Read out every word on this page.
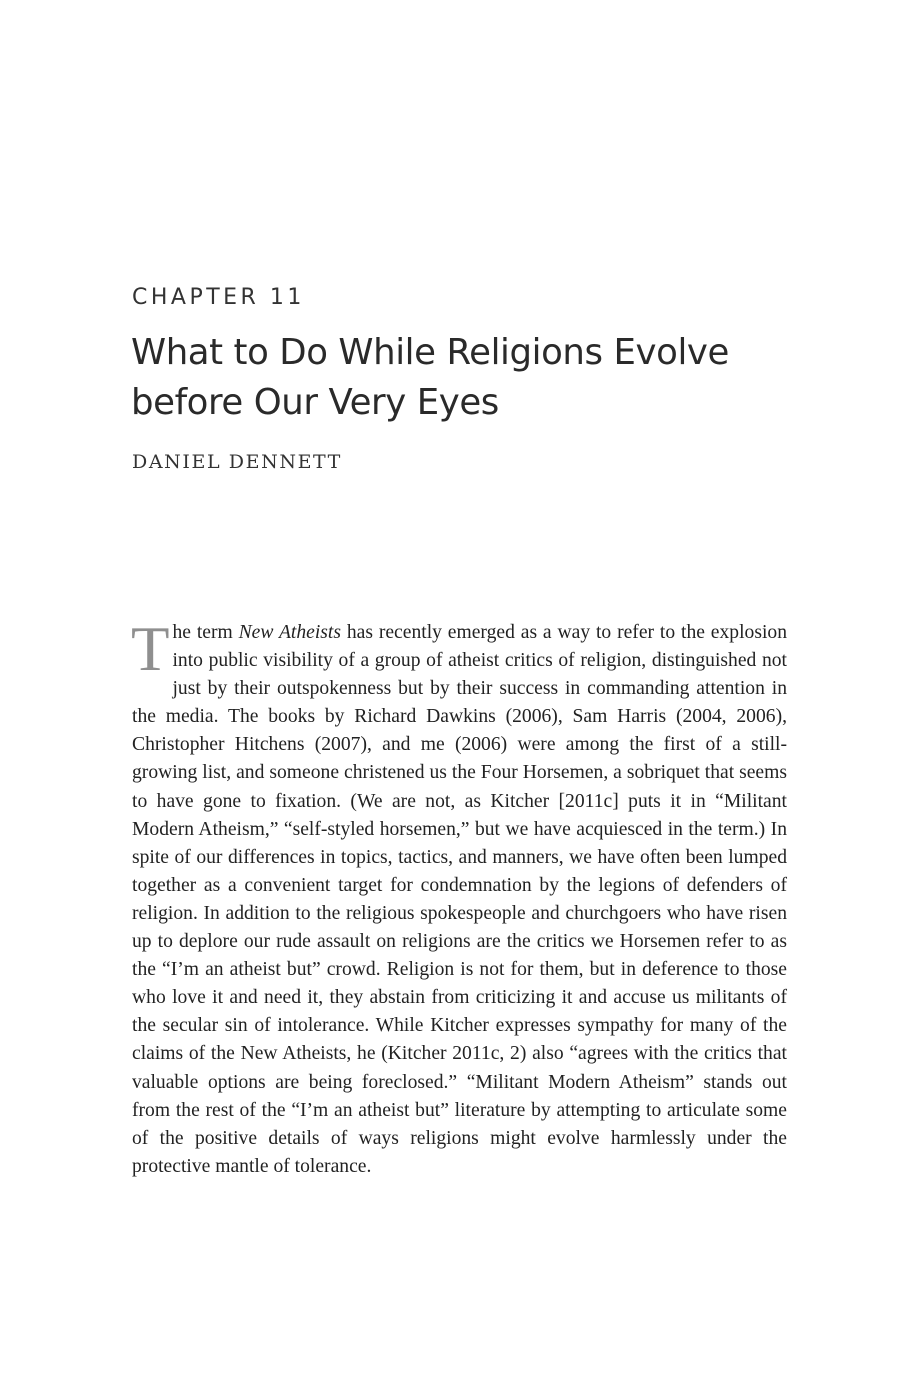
CHAPTER 11
What to Do While Religions Evolve
before Our Very Eyes

DANIEL DENNETT

The term New Atheists has recently emerged as a way to refer to the explosion into public visibility of a group of atheist critics of religion, distinguished not just by their outspokenness but by their success in commanding attention in the media. The books by Richard Dawkins (2006), Sam Harris (2004, 2006), Christopher Hitchens (2007), and me (2006) were among the first of a still-growing list, and someone christened us the Four Horsemen, a sobriquet that seems to have gone to fixation. (We are not, as Kitcher [2011c] puts it in “Militant Modern Atheism,” “self-styled horsemen,” but we have acquiesced in the term.) In spite of our differences in topics, tactics, and manners, we have often been lumped together as a convenient target for condemnation by the legions of defenders of religion. In addition to the religious spokespeople and churchgoers who have risen up to deplore our rude assault on religions are the critics we Horsemen refer to as the “I’m an atheist but” crowd. Religion is not for them, but in deference to those who love it and need it, they abstain from criticizing it and accuse us militants of the secular sin of intolerance. While Kitcher expresses sympathy for many of the claims of the New Atheists, he (Kitcher 2011c, 2) also “agrees with the critics that valuable options are being foreclosed.” “Militant Modern Atheism” stands out from the rest of the “I’m an atheist but” literature by attempting to articulate some of the positive details of ways religions might evolve harmlessly under the protective mantle of tolerance.
